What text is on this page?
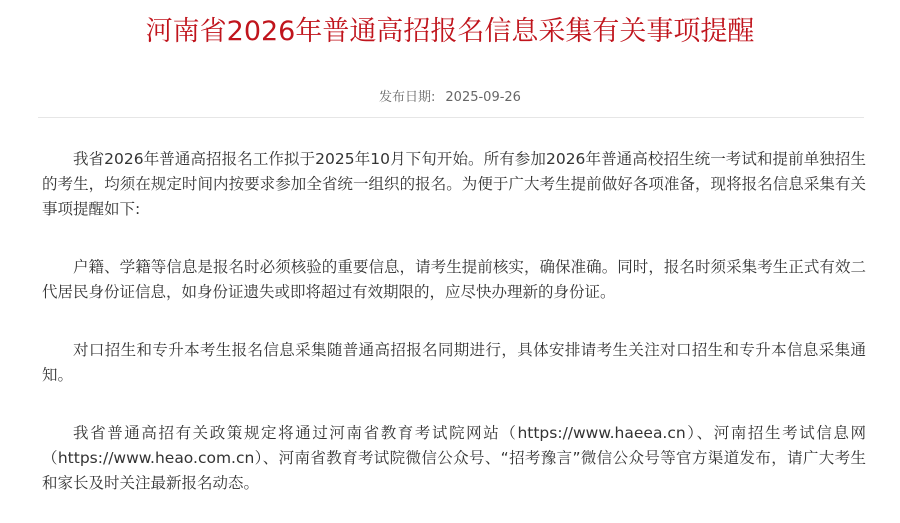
河南省2026年普通高招报名信息采集有关事项提醒
发布日期: 2025-09-26

我省2026年普通高招报名工作拟于2025年10月下旬开始。所有参加2026年普通高校招生统一考试和提前单独招生的考生，均须在规定时间内按要求参加全省统一组织的报名。为便于广大考生提前做好各项准备，现将报名信息采集有关事项提醒如下:

户籍、学籍等信息是报名时必须核验的重要信息，请考生提前核实，确保准确。同时，报名时须采集考生正式有效二代居民身份证信息，如身份证遗失或即将超过有效期限的，应尽快办理新的身份证。

对口招生和专升本考生报名信息采集随普通高招报名同期进行，具体安排请考生关注对口招生和专升本信息采集通知。

我省普通高招有关政策规定将通过河南省教育考试院网站（https://www.haeea.cn）、河南招生考试信息网（https://www.heao.com.cn）、河南省教育考试院微信公众号、“招考豫言”微信公众号等官方渠道发布，请广大考生和家长及时关注最新报名动态。
